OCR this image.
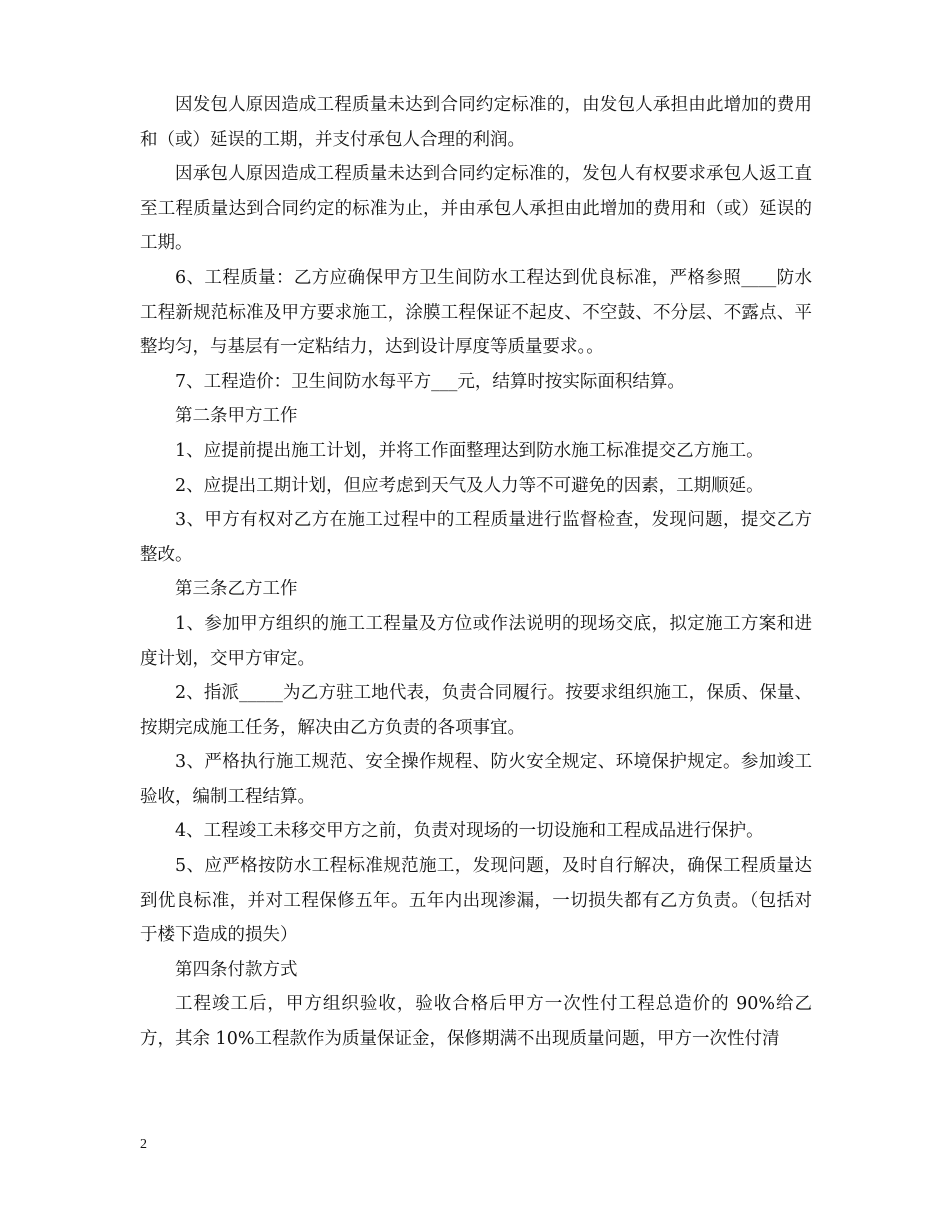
因发包人原因造成工程质量未达到合同约定标准的，由发包人承担由此增加的费用和（或）延误的工期，并支付承包人合理的利润。

因承包人原因造成工程质量未达到合同约定标准的，发包人有权要求承包人返工直至工程质量达到合同约定的标准为止，并由承包人承担由此增加的费用和（或）延误的工期。

6、工程质量：乙方应确保甲方卫生间防水工程达到优良标准，严格参照____防水工程新规范标准及甲方要求施工，涂膜工程保证不起皮、不空鼓、不分层、不露点、平整均匀，与基层有一定粘结力，达到设计厚度等质量要求。。

7、工程造价：卫生间防水每平方___元，结算时按实际面积结算。

第二条甲方工作

1、应提前提出施工计划，并将工作面整理达到防水施工标准提交乙方施工。

2、应提出工期计划，但应考虑到天气及人力等不可避免的因素，工期顺延。

3、甲方有权对乙方在施工过程中的工程质量进行监督检查，发现问题，提交乙方整改。

第三条乙方工作

1、参加甲方组织的施工工程量及方位或作法说明的现场交底，拟定施工方案和进度计划，交甲方审定。

2、指派_____为乙方驻工地代表，负责合同履行。按要求组织施工，保质、保量、按期完成施工任务，解决由乙方负责的各项事宜。

3、严格执行施工规范、安全操作规程、防火安全规定、环境保护规定。参加竣工验收，编制工程结算。

4、工程竣工未移交甲方之前，负责对现场的一切设施和工程成品进行保护。

5、应严格按防水工程标准规范施工，发现问题，及时自行解决，确保工程质量达到优良标准，并对工程保修五年。五年内出现渗漏，一切损失都有乙方负责。（包括对于楼下造成的损失）

第四条付款方式

工程竣工后，甲方组织验收，验收合格后甲方一次性付工程总造价的 90%给乙方，其余 10%工程款作为质量保证金，保修期满不出现质量问题，甲方一次性付清

2
